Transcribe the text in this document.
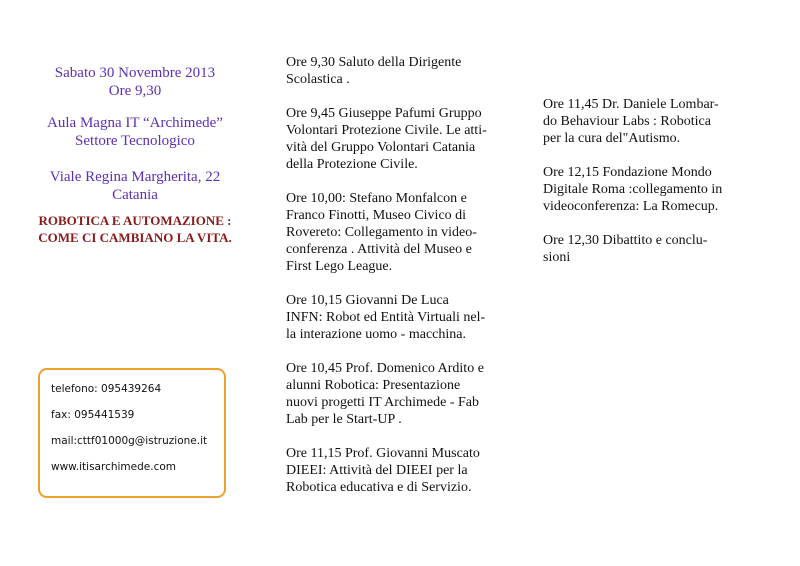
Sabato 30 Novembre 2013
Ore 9,30
Aula Magna IT “Archimede”
Settore Tecnologico
Viale Regina Margherita, 22
Catania
ROBOTICA E AUTOMAZIONE :
COME CI CAMBIANO LA VITA.
telefono: 095439264
fax: 095441539
mail:cttf01000g@istruzione.it
www.itisarchimede.com
Ore 9,30 Saluto della Dirigente
Scolastica .
Ore 9,45 Giuseppe Pafumi Gruppo
Volontari Protezione Civile. Le atti-
vità del Gruppo Volontari Catania
della Protezione Civile.
Ore 10,00: Stefano Monfalcon e
Franco Finotti, Museo Civico di
Rovereto: Collegamento in video-
conferenza . Attività del Museo e
First Lego League.
Ore 10,15 Giovanni De Luca
INFN: Robot ed Entità Virtuali nel-
la interazione uomo - macchina.
Ore 10,45 Prof. Domenico Ardito e
alunni Robotica: Presentazione
nuovi progetti IT Archimede - Fab
Lab per le Start-UP .
Ore 11,15 Prof. Giovanni Muscato
DIEEI: Attività del DIEEI per la
Robotica educativa e di Servizio.
Ore 11,45 Dr. Daniele Lombar-
do Behaviour Labs : Robotica
per la cura del"Autismo.
Ore 12,15 Fondazione Mondo
Digitale Roma :collegamento in
videoconferenza: La Romecup.
Ore 12,30 Dibattito e conclu-
sioni
